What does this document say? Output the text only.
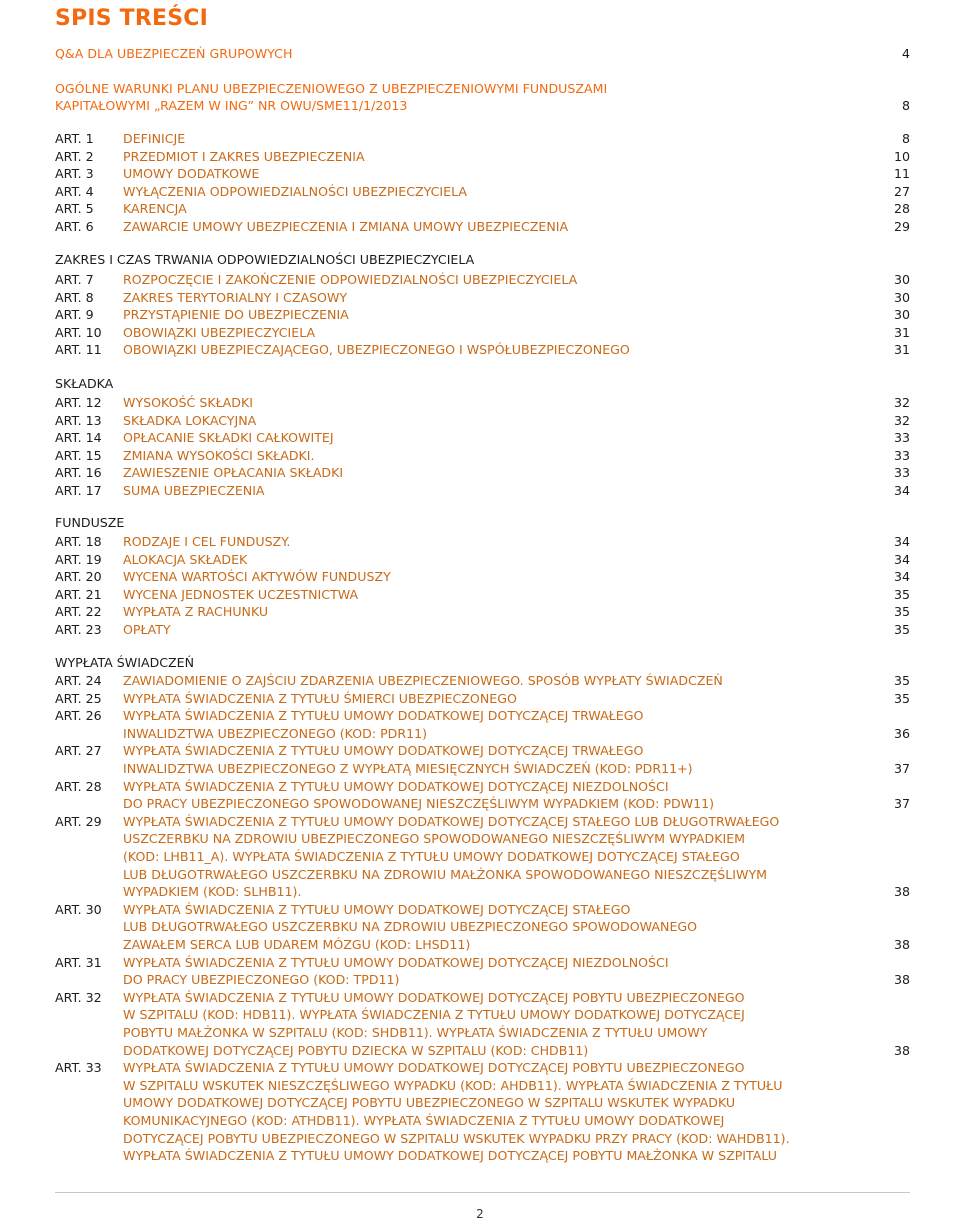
SPIS TREŚCI
Q&A DLA UBEZPIECZEŃ GRUPOWYCH	4
OGÓLNE WARUNKI PLANU UBEZPIECZENIOWEGO Z UBEZPIECZENIOWYMI FUNDUSZAMI
KAPITAŁOWYMI „RAZEM W ING” NR OWU/SME11/1/2013	8
ART. 1	DEFINICJE	8
ART. 2	PRZEDMIOT I ZAKRES UBEZPIECZENIA	10
ART. 3	UMOWY DODATKOWE	11
ART. 4	WYŁĄCZENIA ODPOWIEDZIALNOŚCI UBEZPIECZYCIELA	27
ART. 5	KARENCJA	28
ART. 6	ZAWARCIE UMOWY UBEZPIECZENIA I ZMIANA UMOWY UBEZPIECZENIA	29
ZAKRES I CZAS TRWANIA ODPOWIEDZIALNOŚCI UBEZPIECZYCIELA
ART. 7	ROZPOCZĘCIE I ZAKOŃCZENIE ODPOWIEDZIALNOŚCI UBEZPIECZYCIELA	30
ART. 8	ZAKRES TERYTORIALNY I CZASOWY	30
ART. 9	PRZYSTĄPIENIE DO UBEZPIECZENIA	30
ART. 10	OBOWIĄZKI UBEZPIECZYCIELA	31
ART. 11	OBOWIĄZKI UBEZPIECZAJĄCEGO, UBEZPIECZONEGO I WSPÓŁUBEZPIECZONEGO	31
SKŁADKA
ART. 12	WYSOKOŚĆ SKŁADKI	32
ART. 13	SKŁADKA LOKACYJNA	32
ART. 14	OPŁACANIE SKŁADKI CAŁKOWITEJ	33
ART. 15	ZMIANA WYSOKOŚCI SKŁADKI.	33
ART. 16	ZAWIESZENIE OPŁACANIA SKŁADKI	33
ART. 17	SUMA UBEZPIECZENIA	34
FUNDUSZE
ART. 18	RODZAJE I CEL FUNDUSZY.	34
ART. 19	ALOKACJA SKŁADEK	34
ART. 20	WYCENA WARTOŚCI AKTYWÓW FUNDUSZY	34
ART. 21	WYCENA JEDNOSTEK UCZESTNICTWA	35
ART. 22	WYPŁATA Z RACHUNKU	35
ART. 23	OPŁATY	35
WYPŁATA ŚWIADCZEŃ
ART. 24	ZAWIADOMIENIE O ZAJŚCIU ZDARZENIA UBEZPIECZENIOWEGO. SPOSÓB WYPŁATY ŚWIADCZEŃ	35
ART. 25	WYPŁATA ŚWIADCZENIA Z TYTUŁU ŚMIERCI UBEZPIECZONEGO	35
ART. 26	WYPŁATA ŚWIADCZENIA Z TYTUŁU UMOWY DODATKOWEJ DOTYCZĄCEJ TRWAŁEGO
INWALIDZTWA UBEZPIECZONEGO (KOD: PDR11)	36
ART. 27	WYPŁATA ŚWIADCZENIA Z TYTUŁU UMOWY DODATKOWEJ DOTYCZĄCEJ TRWAŁEGO
INWALIDZTWA UBEZPIECZONEGO Z WYPŁATĄ MIESIĘCZNYCH ŚWIADCZEŃ (KOD: PDR11+)	37
ART. 28	WYPŁATA ŚWIADCZENIA Z TYTUŁU UMOWY DODATKOWEJ DOTYCZĄCEJ NIEZDOLNOŚCI
DO PRACY UBEZPIECZONEGO SPOWODOWANEJ NIESZCZĘŚLIWYM WYPADKIEM (KOD: PDW11)	37
ART. 29	WYPŁATA ŚWIADCZENIA Z TYTUŁU UMOWY DODATKOWEJ DOTYCZĄCEJ STAŁEGO LUB DŁUGOTRWAŁEGO
USZCZERBKU NA ZDROWIU UBEZPIECZONEGO SPOWODOWANEGO NIESZCZĘŚLIWYM WYPADKIEM
(KOD: LHB11_A). WYPŁATA ŚWIADCZENIA Z TYTUŁU UMOWY DODATKOWEJ DOTYCZĄCEJ STAŁEGO
LUB DŁUGOTRWAŁEGO USZCZERBKU NA ZDROWIU MAŁŻONKA SPOWODOWANEGO NIESZCZĘŚLIWYM
WYPADKIEM (KOD: SLHB11).	38
ART. 30	WYPŁATA ŚWIADCZENIA Z TYTUŁU UMOWY DODATKOWEJ DOTYCZĄCEJ STAŁEGO
LUB DŁUGOTRWAŁEGO USZCZERBKU NA ZDROWIU UBEZPIECZONEGO SPOWODOWANEGO
ZAWAŁEM SERCA LUB UDAREM MÓZGU (KOD: LHSD11)	38
ART. 31	WYPŁATA ŚWIADCZENIA Z TYTUŁU UMOWY DODATKOWEJ DOTYCZĄCEJ NIEZDOLNOŚCI
DO PRACY UBEZPIECZONEGO (KOD: TPD11)	38
ART. 32	WYPŁATA ŚWIADCZENIA Z TYTUŁU UMOWY DODATKOWEJ DOTYCZĄCEJ POBYTU UBEZPIECZONEGO
W SZPITALU (KOD: HDB11). WYPŁATA ŚWIADCZENIA Z TYTUŁU UMOWY DODATKOWEJ DOTYCZĄCEJ
POBYTU MAŁŻONKA W SZPITALU (KOD: SHDB11). WYPŁATA ŚWIADCZENIA Z TYTUŁU UMOWY
DODATKOWEJ DOTYCZĄCEJ POBYTU DZIECKA W SZPITALU (KOD: CHDB11)	38
ART. 33	WYPŁATA ŚWIADCZENIA Z TYTUŁU UMOWY DODATKOWEJ DOTYCZĄCEJ POBYTU UBEZPIECZONEGO
W SZPITALU WSKUTEK NIESZCZĘŚLIWEGO WYPADKU (KOD: AHDB11). WYPŁATA ŚWIADCZENIA Z TYTUŁU
UMOWY DODATKOWEJ DOTYCZĄCEJ POBYTU UBEZPIECZONEGO W SZPITALU WSKUTEK WYPADKU
KOMUNIKACYJNEGO (KOD: ATHDB11). WYPŁATA ŚWIADCZENIA Z TYTUŁU UMOWY DODATKOWEJ
DOTYCZĄCEJ POBYTU UBEZPIECZONEGO W SZPITALU WSKUTEK WYPADKU PRZY PRACY (KOD: WAHDB11).
WYPŁATA ŚWIADCZENIA Z TYTUŁU UMOWY DODATKOWEJ DOTYCZĄCEJ POBYTU MAŁŻONKA W SZPITALU
2
